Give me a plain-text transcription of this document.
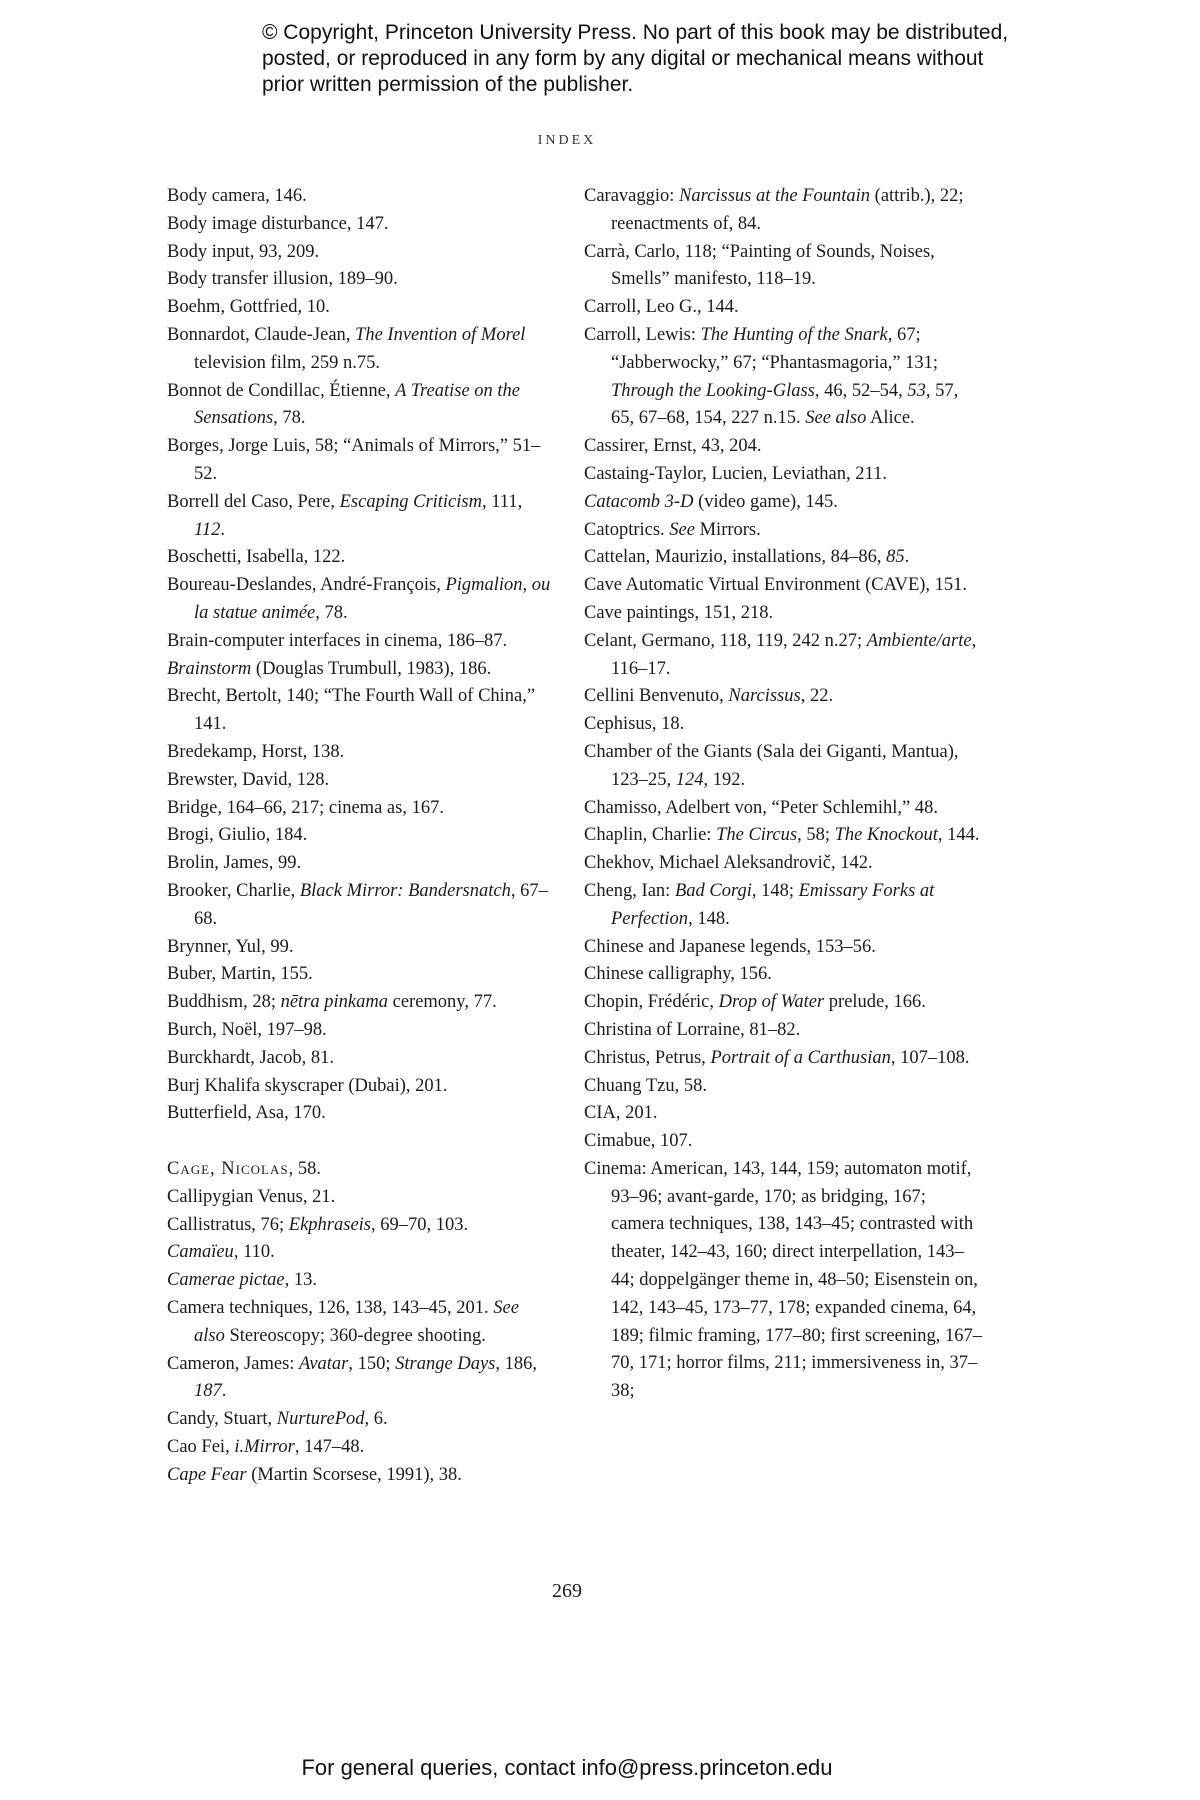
© Copyright, Princeton University Press. No part of this book may be distributed, posted, or reproduced in any form by any digital or mechanical means without prior written permission of the publisher.
INDEX

Body camera, 146.

Body image disturbance, 147.

Body input, 93, 209.

Body transfer illusion, 189–90.

Boehm, Gottfried, 10.

Bonnardot, Claude-Jean, The Invention of Morel television film, 259 n.75.

Bonnot de Condillac, Étienne, A Treatise on the Sensations, 78.

Borges, Jorge Luis, 58; “Animals of Mirrors,” 51–52.

Borrell del Caso, Pere, Escaping Criticism, 111, 112.

Boschetti, Isabella, 122.

Boureau-Deslandes, André-François, Pigmalion, ou la statue animée, 78.

Brain-computer interfaces in cinema, 186–87.

Brainstorm (Douglas Trumbull, 1983), 186.

Brecht, Bertolt, 140; “The Fourth Wall of China,” 141.

Bredekamp, Horst, 138.

Brewster, David, 128.

Bridge, 164–66, 217; cinema as, 167.

Brogi, Giulio, 184.

Brolin, James, 99.

Brooker, Charlie, Black Mirror: Bandersnatch, 67–68.

Brynner, Yul, 99.

Buber, Martin, 155.

Buddhism, 28; nētra pinkama ceremony, 77.

Burch, Noël, 197–98.

Burckhardt, Jacob, 81.

Burj Khalifa skyscraper (Dubai), 201.

Butterfield, Asa, 170.

Cage, Nicolas, 58.

Callipygian Venus, 21.

Callistratus, 76; Ekphraseis, 69–70, 103.

Camaïeu, 110.

Camerae pictae, 13.

Camera techniques, 126, 138, 143–45, 201. See also Stereoscopy; 360-degree shooting.

Cameron, James: Avatar, 150; Strange Days, 186, 187.

Candy, Stuart, NurturePod, 6.

Cao Fei, i.Mirror, 147–48.

Cape Fear (Martin Scorsese, 1991), 38.

Caravaggio: Narcissus at the Fountain (attrib.), 22; reenactments of, 84.

Carrà, Carlo, 118; “Painting of Sounds, Noises, Smells” manifesto, 118–19.

Carroll, Leo G., 144.

Carroll, Lewis: The Hunting of the Snark, 67; “Jabberwocky,” 67; “Phantasmagoria,” 131; Through the Looking-Glass, 46, 52–54, 53, 57, 65, 67–68, 154, 227 n.15. See also Alice.

Cassirer, Ernst, 43, 204.

Castaing-Taylor, Lucien, Leviathan, 211.

Catacomb 3-D (video game), 145.

Catoptrics. See Mirrors.

Cattelan, Maurizio, installations, 84–86, 85.

Cave Automatic Virtual Environment (CAVE), 151.

Cave paintings, 151, 218.

Celant, Germano, 118, 119, 242 n.27; Ambiente/arte, 116–17.

Cellini Benvenuto, Narcissus, 22.

Cephisus, 18.

Chamber of the Giants (Sala dei Giganti, Mantua), 123–25, 124, 192.

Chamisso, Adelbert von, “Peter Schlemihl,” 48.

Chaplin, Charlie: The Circus, 58; The Knockout, 144.

Chekhov, Michael Aleksandrovič, 142.

Cheng, Ian: Bad Corgi, 148; Emissary Forks at Perfection, 148.

Chinese and Japanese legends, 153–56.

Chinese calligraphy, 156.

Chopin, Frédéric, Drop of Water prelude, 166.

Christina of Lorraine, 81–82.

Christus, Petrus, Portrait of a Carthusian, 107–108.

Chuang Tzu, 58.

CIA, 201.

Cimabue, 107.

Cinema: American, 143, 144, 159; automaton motif, 93–96; avant-garde, 170; as bridging, 167; camera techniques, 138, 143–45; contrasted with theater, 142–43, 160; direct interpellation, 143–44; doppelgänger theme in, 48–50; Eisenstein on, 142, 143–45, 173–77, 178; expanded cinema, 64, 189; filmic framing, 177–80; first screening, 167–70, 171; horror films, 211; immersiveness in, 37–38;

269
For general queries, contact info@press.princeton.edu
